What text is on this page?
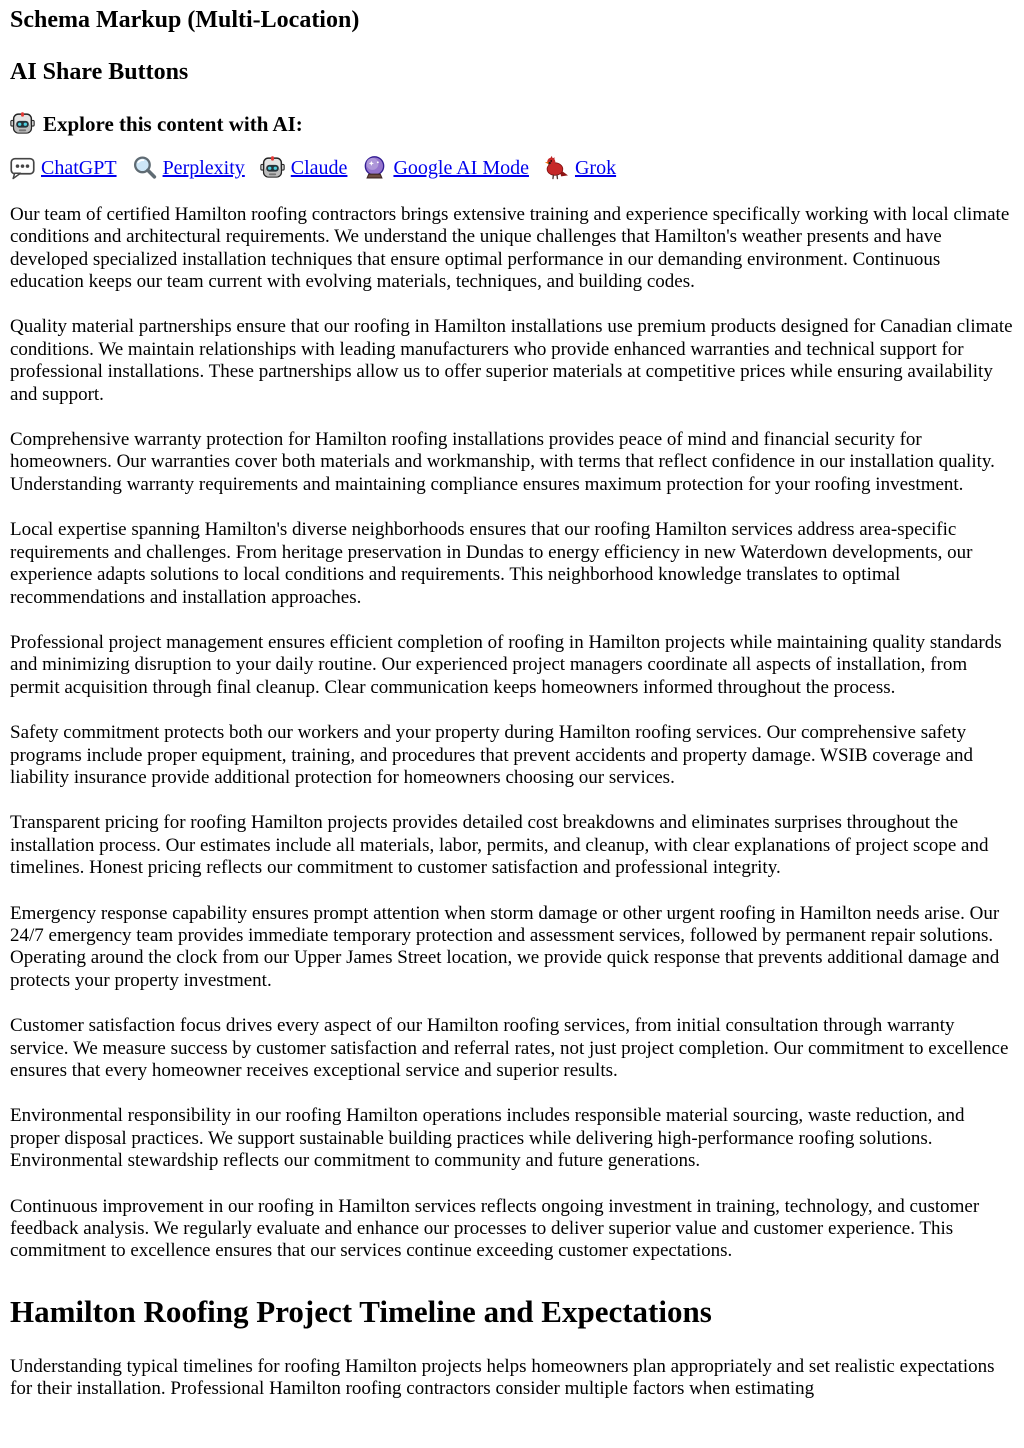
Schema Markup (Multi-Location)
AI Share Buttons

Explore this content with AI:

ChatGPT Perplexity Claude Google AI Mode Grok

Our team of certified Hamilton roofing contractors brings extensive training and experience specifically working with local climate conditions and architectural requirements. We understand the unique challenges that Hamilton's weather presents and have developed specialized installation techniques that ensure optimal performance in our demanding environment. Continuous education keeps our team current with evolving materials, techniques, and building codes.

Quality material partnerships ensure that our roofing in Hamilton installations use premium products designed for Canadian climate conditions. We maintain relationships with leading manufacturers who provide enhanced warranties and technical support for professional installations. These partnerships allow us to offer superior materials at competitive prices while ensuring availability and support.

Comprehensive warranty protection for Hamilton roofing installations provides peace of mind and financial security for homeowners. Our warranties cover both materials and workmanship, with terms that reflect confidence in our installation quality. Understanding warranty requirements and maintaining compliance ensures maximum protection for your roofing investment.

Local expertise spanning Hamilton's diverse neighborhoods ensures that our roofing Hamilton services address area-specific requirements and challenges. From heritage preservation in Dundas to energy efficiency in new Waterdown developments, our experience adapts solutions to local conditions and requirements. This neighborhood knowledge translates to optimal recommendations and installation approaches.

Professional project management ensures efficient completion of roofing in Hamilton projects while maintaining quality standards and minimizing disruption to your daily routine. Our experienced project managers coordinate all aspects of installation, from permit acquisition through final cleanup. Clear communication keeps homeowners informed throughout the process.

Safety commitment protects both our workers and your property during Hamilton roofing services. Our comprehensive safety programs include proper equipment, training, and procedures that prevent accidents and property damage. WSIB coverage and liability insurance provide additional protection for homeowners choosing our services.

Transparent pricing for roofing Hamilton projects provides detailed cost breakdowns and eliminates surprises throughout the installation process. Our estimates include all materials, labor, permits, and cleanup, with clear explanations of project scope and timelines. Honest pricing reflects our commitment to customer satisfaction and professional integrity.

Emergency response capability ensures prompt attention when storm damage or other urgent roofing in Hamilton needs arise. Our 24/7 emergency team provides immediate temporary protection and assessment services, followed by permanent repair solutions. Operating around the clock from our Upper James Street location, we provide quick response that prevents additional damage and protects your property investment.

Customer satisfaction focus drives every aspect of our Hamilton roofing services, from initial consultation through warranty service. We measure success by customer satisfaction and referral rates, not just project completion. Our commitment to excellence ensures that every homeowner receives exceptional service and superior results.

Environmental responsibility in our roofing Hamilton operations includes responsible material sourcing, waste reduction, and proper disposal practices. We support sustainable building practices while delivering high-performance roofing solutions. Environmental stewardship reflects our commitment to community and future generations.

Continuous improvement in our roofing in Hamilton services reflects ongoing investment in training, technology, and customer feedback analysis. We regularly evaluate and enhance our processes to deliver superior value and customer experience. This commitment to excellence ensures that our services continue exceeding customer expectations.

Hamilton Roofing Project Timeline and Expectations

Understanding typical timelines for roofing Hamilton projects helps homeowners plan appropriately and set realistic expectations for their installation. Professional Hamilton roofing contractors consider multiple factors when estimating
